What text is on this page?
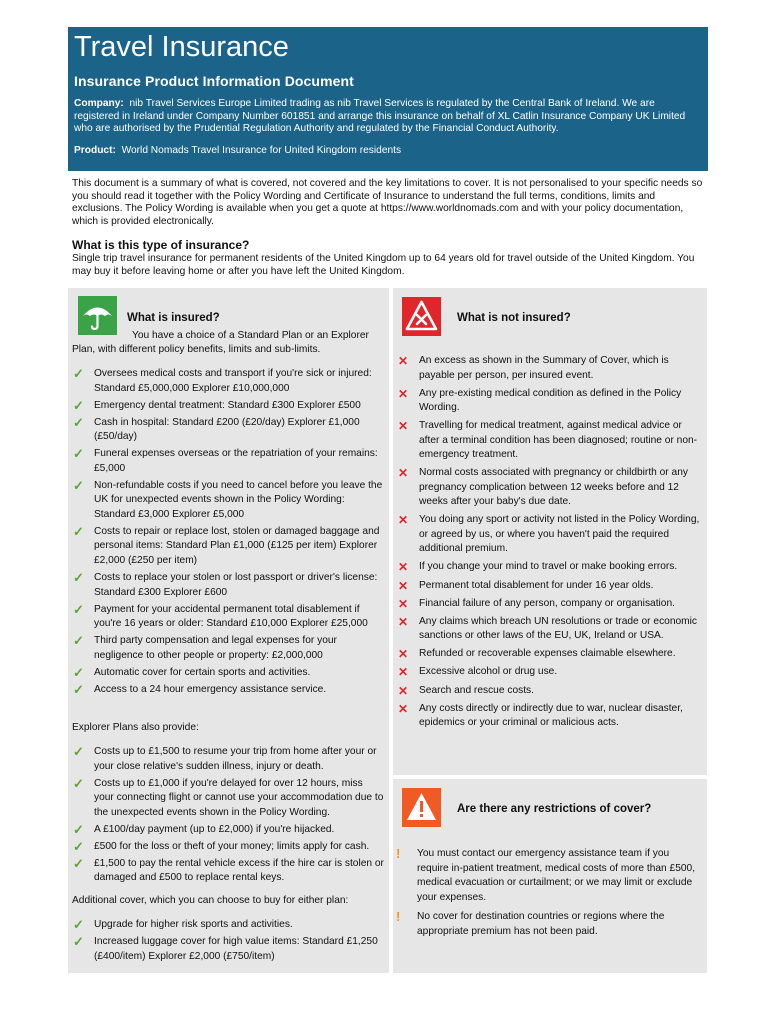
Travel Insurance
Insurance Product Information Document
Company: nib Travel Services Europe Limited trading as nib Travel Services is regulated by the Central Bank of Ireland. We are registered in Ireland under Company Number 601851 and arrange this insurance on behalf of XL Catlin Insurance Company UK Limited who are authorised by the Prudential Regulation Authority and regulated by the Financial Conduct Authority.
Product: World Nomads Travel Insurance for United Kingdom residents
This document is a summary of what is covered, not covered and the key limitations to cover. It is not personalised to your specific needs so you should read it together with the Policy Wording and Certificate of Insurance to understand the full terms, conditions, limits and exclusions. The Policy Wording is available when you get a quote at https://www.worldnomads.com and with your policy documentation, which is provided electronically.
What is this type of insurance?
Single trip travel insurance for permanent residents of the United Kingdom up to 64 years old for travel outside of the United Kingdom. You may buy it before leaving home or after you have left the United Kingdom.
What is insured?
You have a choice of a Standard Plan or an Explorer Plan, with different policy benefits, limits and sub-limits.
✓ Oversees medical costs and transport if you're sick or injured: Standard £5,000,000 Explorer £10,000,000
✓ Emergency dental treatment: Standard £300 Explorer £500
✓ Cash in hospital: Standard £200 (£20/day) Explorer £1,000 (£50/day)
✓ Funeral expenses overseas or the repatriation of your remains: £5,000
✓ Non-refundable costs if you need to cancel before you leave the UK for unexpected events shown in the Policy Wording: Standard £3,000 Explorer £5,000
✓ Costs to repair or replace lost, stolen or damaged baggage and personal items: Standard Plan £1,000 (£125 per item) Explorer £2,000 (£250 per item)
✓ Costs to replace your stolen or lost passport or driver's license: Standard £300 Explorer £600
✓ Payment for your accidental permanent total disablement if you're 16 years or older: Standard £10,000 Explorer £25,000
✓ Third party compensation and legal expenses for your negligence to other people or property: £2,000,000
✓ Automatic cover for certain sports and activities.
✓ Access to a 24 hour emergency assistance service.
Explorer Plans also provide:
✓ Costs up to £1,500 to resume your trip from home after your or your close relative's sudden illness, injury or death.
✓ Costs up to £1,000 if you're delayed for over 12 hours, miss your connecting flight or cannot use your accommodation due to the unexpected events shown in the Policy Wording.
✓ A £100/day payment (up to £2,000) if you're hijacked.
✓ £500 for the loss or theft of your money; limits apply for cash.
✓ £1,500 to pay the rental vehicle excess if the hire car is stolen or damaged and £500 to replace rental keys.
Additional cover, which you can choose to buy for either plan:
✓ Upgrade for higher risk sports and activities.
✓ Increased luggage cover for high value items: Standard £1,250 (£400/item) Explorer £2,000 (£750/item)
What is not insured?
✕ An excess as shown in the Summary of Cover, which is payable per person, per insured event.
✕ Any pre-existing medical condition as defined in the Policy Wording.
✕ Travelling for medical treatment, against medical advice or after a terminal condition has been diagnosed; routine or non-emergency treatment.
✕ Normal costs associated with pregnancy or childbirth or any pregnancy complication between 12 weeks before and 12 weeks after your baby's due date.
✕ You doing any sport or activity not listed in the Policy Wording, or agreed by us, or where you haven't paid the required additional premium.
✕ If you change your mind to travel or make booking errors.
✕ Permanent total disablement for under 16 year olds.
✕ Financial failure of any person, company or organisation.
✕ Any claims which breach UN resolutions or trade or economic sanctions or other laws of the EU, UK, Ireland or USA.
✕ Refunded or recoverable expenses claimable elsewhere.
✕ Excessive alcohol or drug use.
✕ Search and rescue costs.
✕ Any costs directly or indirectly due to war, nuclear disaster, epidemics or your criminal or malicious acts.
Are there any restrictions of cover?
! You must contact our emergency assistance team if you require in-patient treatment, medical costs of more than £500, medical evacuation or curtailment; or we may limit or exclude your expenses.
! No cover for destination countries or regions where the appropriate premium has not been paid.
